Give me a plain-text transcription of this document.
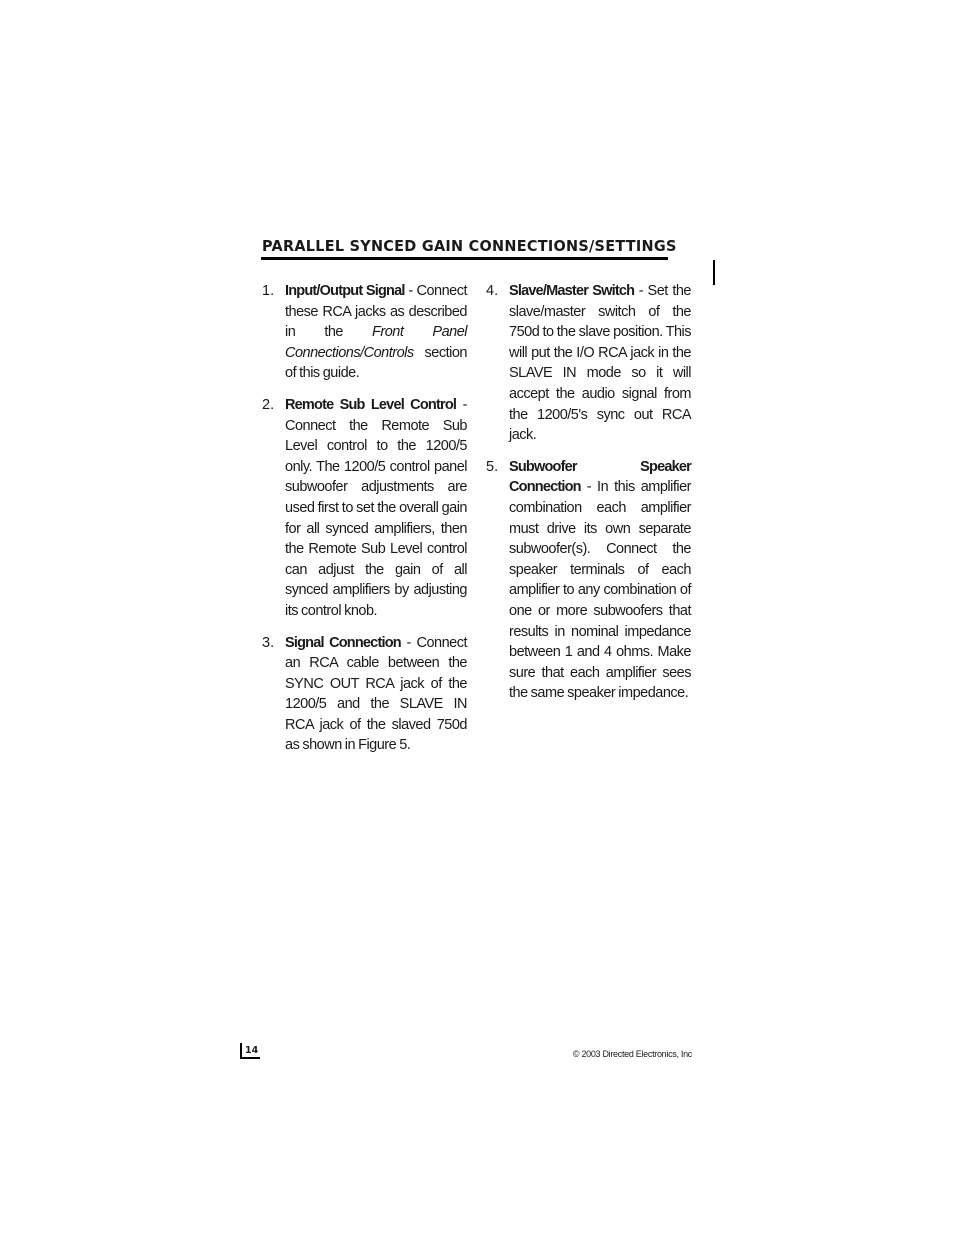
PARALLEL SYNCED GAIN CONNECTIONS/SETTINGS
1. Input/Output Signal - Connect these RCA jacks as described in the Front Panel Connections/Controls section of this guide.

2. Remote Sub Level Control - Connect the Remote Sub Level control to the 1200/5 only. The 1200/5 control panel subwoofer adjustments are used first to set the overall gain for all synced amplifiers, then the Remote Sub Level control can adjust the gain of all synced amplifiers by adjusting its control knob.

3. Signal Connection - Connect an RCA cable between the SYNC OUT RCA jack of the 1200/5 and the SLAVE IN RCA jack of the slaved 750d as shown in Figure 5.

4. Slave/Master Switch - Set the slave/master switch of the 750d to the slave position. This will put the I/O RCA jack in the SLAVE IN mode so it will accept the audio signal from the 1200/5's sync out RCA jack.

5. Subwoofer Speaker Connection - In this amplifier combination each amplifier must drive its own separate subwoofer(s). Connect the speaker terminals of each amplifier to any combination of one or more subwoofers that results in nominal impedance between 1 and 4 ohms. Make sure that each amplifier sees the same speaker impedance.

14	© 2003 Directed Electronics, Inc
